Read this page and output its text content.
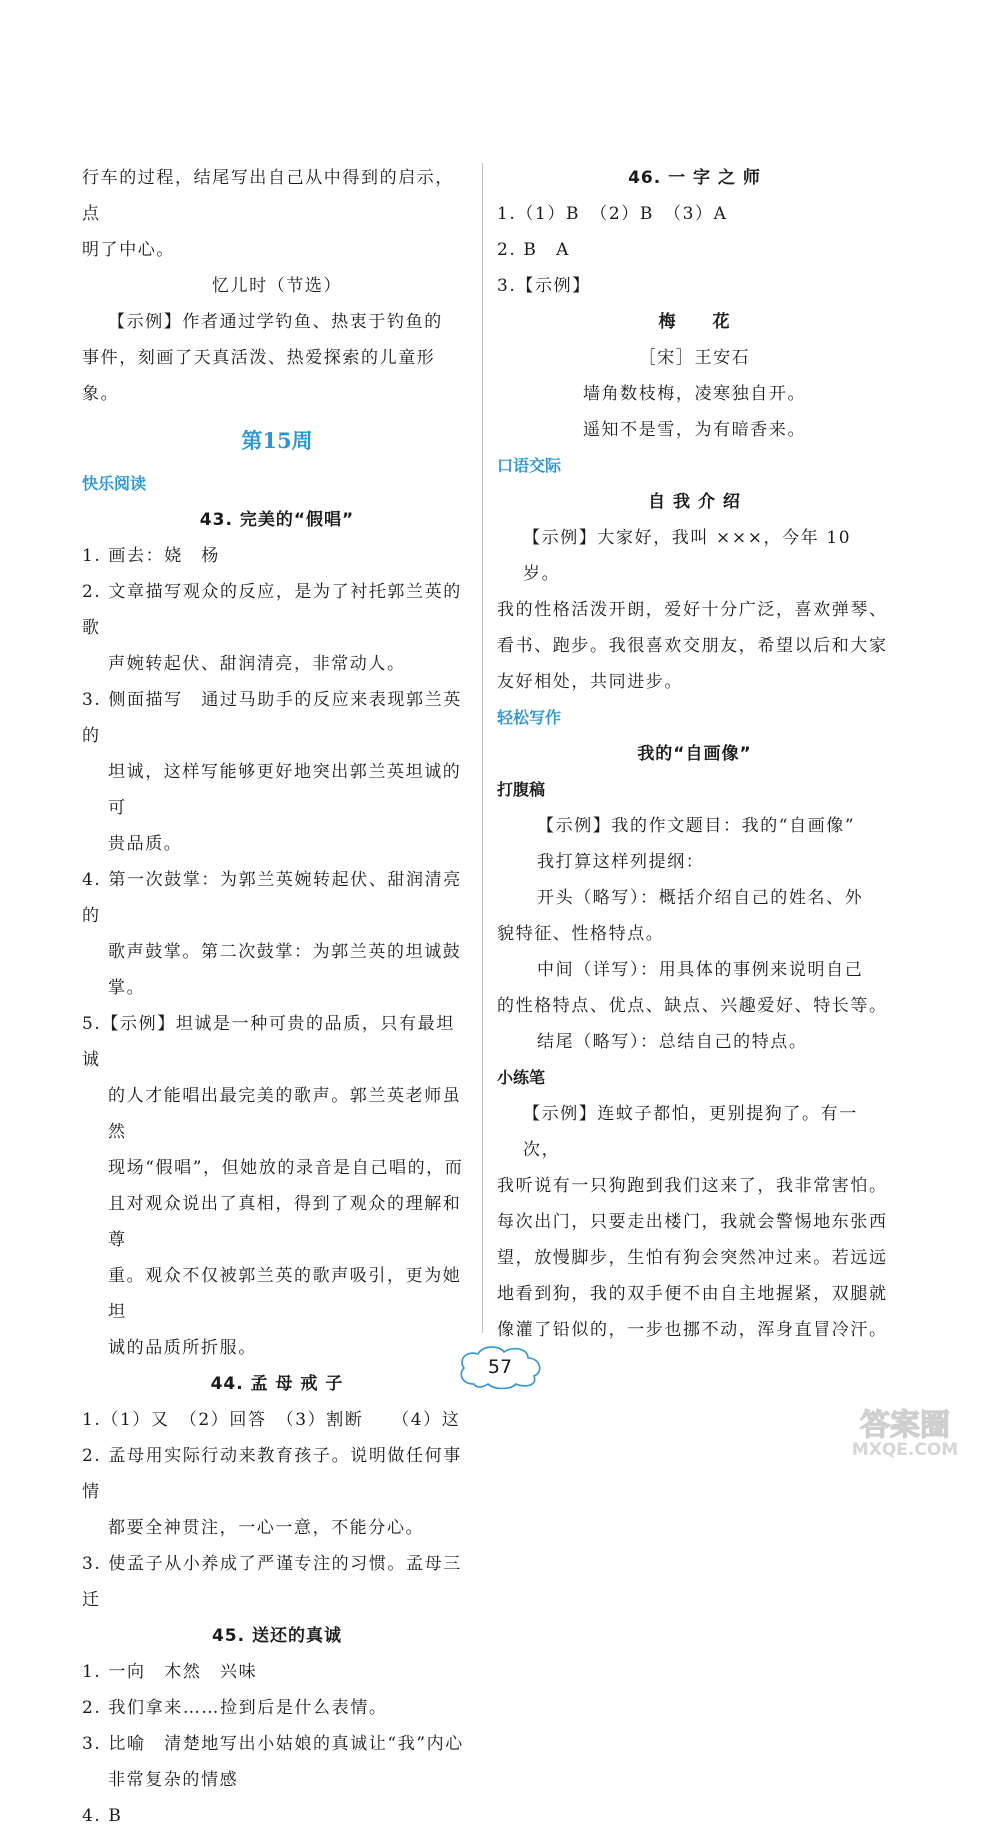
行车的过程，结尾写出自己从中得到的启示，点

明了中心。

忆儿时（节选）

【示例】作者通过学钓鱼、热衷于钓鱼的

事件，刻画了天真活泼、热爱探索的儿童形象。

第15周

快乐阅读

43. 完美的“假唱”

1. 画去：娆　杨

2. 文章描写观众的反应，是为了衬托郭兰英的歌

声婉转起伏、甜润清亮，非常动人。

3. 侧面描写　通过马助手的反应来表现郭兰英的

坦诚，这样写能够更好地突出郭兰英坦诚的可

贵品质。

4. 第一次鼓掌：为郭兰英婉转起伏、甜润清亮的

歌声鼓掌。第二次鼓掌：为郭兰英的坦诚鼓掌。

5.【示例】坦诚是一种可贵的品质，只有最坦诚

的人才能唱出最完美的歌声。郭兰英老师虽然

现场“假唱”，但她放的录音是自己唱的，而

且对观众说出了真相，得到了观众的理解和尊

重。观众不仅被郭兰英的歌声吸引，更为她坦

诚的品质所折服。

44. 孟 母 戒 子

1.（1）又　（2）回答　（3）割断　　（4）这

2. 孟母用实际行动来教育孩子。说明做任何事情

都要全神贯注，一心一意，不能分心。

3. 使孟子从小养成了严谨专注的习惯。孟母三迁

45. 送还的真诚

1. 一向　木然　兴味

2. 我们拿来……捡到后是什么表情。

3. 比喻　清楚地写出小姑娘的真诚让“我”内心

非常复杂的情感

4. B

46. 一 字 之 师

1.（1）B　（2）B　（3）A

2. B　A

3.【示例】

梅　　花

［宋］王安石

墙角数枝梅，凌寒独自开。

遥知不是雪，为有暗香来。

口语交际

自 我 介 绍

【示例】大家好，我叫 ×××，今年 10 岁。

我的性格活泼开朗，爱好十分广泛，喜欢弹琴、

看书、跑步。我很喜欢交朋友，希望以后和大家

友好相处，共同进步。

轻松写作

我的“自画像”

打腹稿

【示例】我的作文题目：我的“自画像”

我打算这样列提纲：

开头（略写）：概括介绍自己的姓名、外

貌特征、性格特点。

中间（详写）：用具体的事例来说明自己

的性格特点、优点、缺点、兴趣爱好、特长等。

结尾（略写）：总结自己的特点。

小练笔

【示例】连蚊子都怕，更别提狗了。有一次，

我听说有一只狗跑到我们这来了，我非常害怕。

每次出门，只要走出楼门，我就会警惕地东张西

望，放慢脚步，生怕有狗会突然冲过来。若远远

地看到狗，我的双手便不由自主地握紧，双腿就

像灌了铅似的，一步也挪不动，浑身直冒冷汗。

57
答案圈
MXQE.COM
